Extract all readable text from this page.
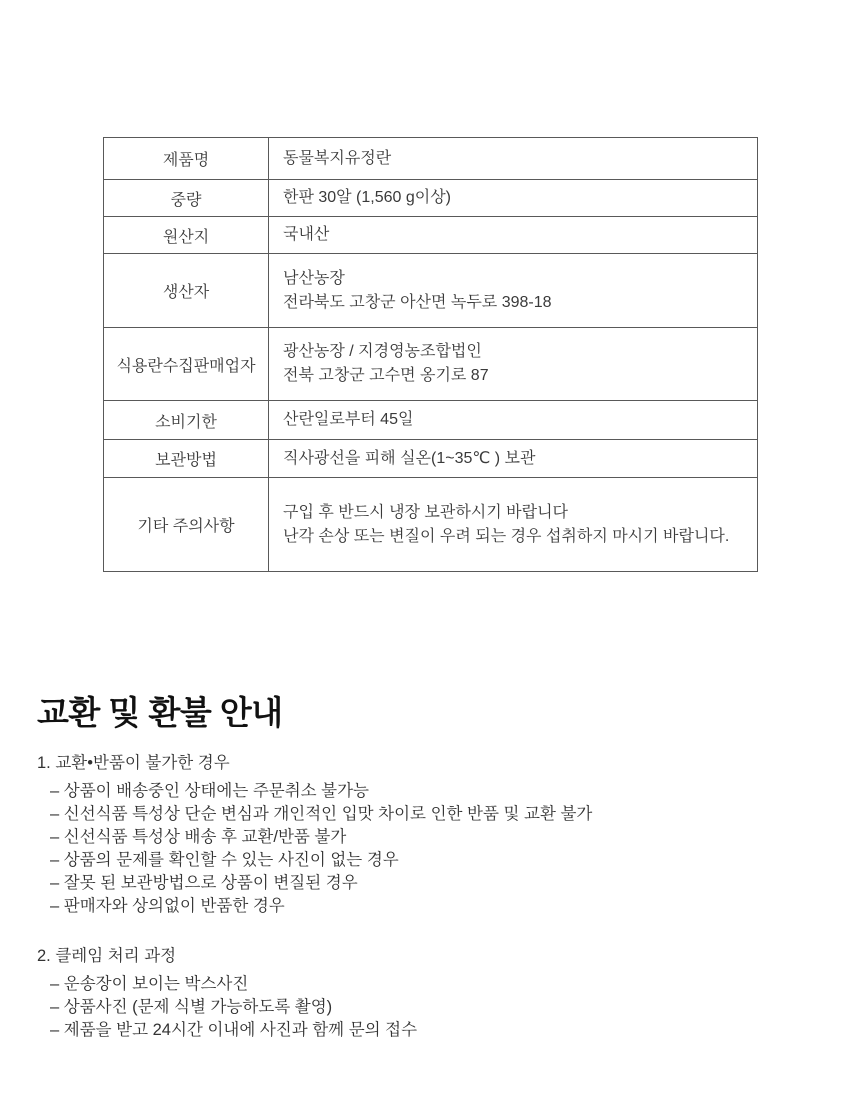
제품명	동물복지유정란

중량	한판 30알 (1,560 g이상)

원산지	국내산

생산자	남산농장
전라북도 고창군 아산면 녹두로 398-18

식용란수집판매업자	광산농장 / 지경영농조합법인
전북 고창군 고수면 옹기로 87

소비기한	산란일로부터 45일

보관방법	직사광선을 피해 실온(1~35℃ ) 보관

기타 주의사항	구입 후 반드시 냉장 보관하시기 바랍니다
난각 손상 또는 변질이 우려 되는 경우 섭취하지 마시기 바랍니다.
교환 및 환불 안내
1. 교환•반품이 불가한 경우
– 상품이 배송중인 상태에는 주문취소 불가능
– 신선식품 특성상 단순 변심과 개인적인 입맛 차이로 인한 반품 및 교환 불가
– 신선식품 특성상 배송 후 교환/반품 불가
– 상품의 문제를 확인할 수 있는 사진이 없는 경우
– 잘못 된 보관방법으로 상품이 변질된 경우
– 판매자와 상의없이 반품한 경우
2. 클레임 처리 과정
– 운송장이 보이는 박스사진
– 상품사진 (문제 식별 가능하도록 촬영)
– 제품을 받고 24시간 이내에 사진과 함께 문의 접수
